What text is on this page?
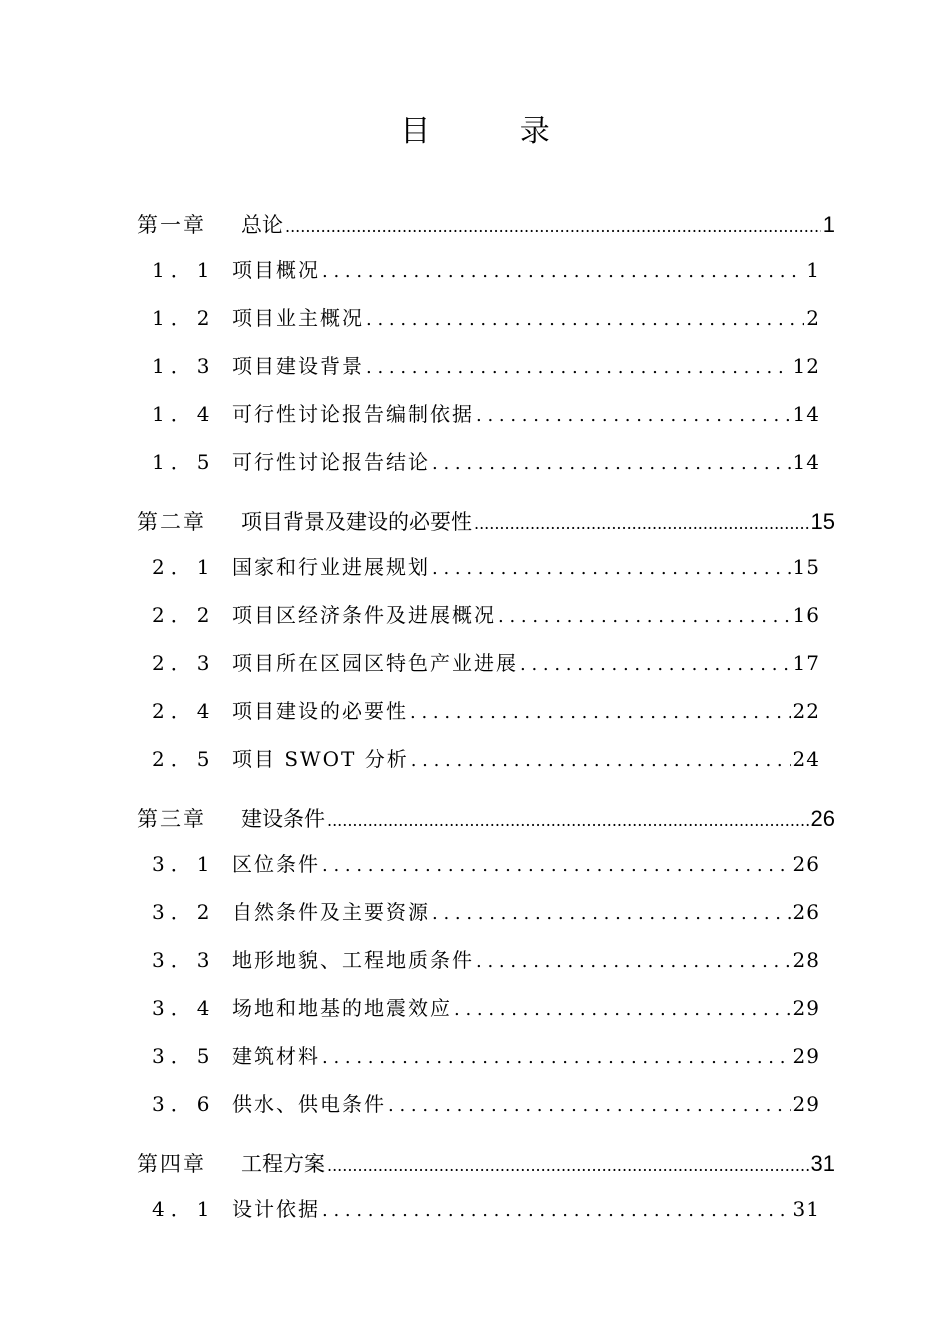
目 录
第一章	总论 .....	1
1．1 项目概况 . . .	1
1．2 项目业主概况 . . .	2
1．3 项目建设背景 . . .	12
1．4 可行性讨论报告编制依据 . . .	14
1．5 可行性讨论报告结论 . . .	14
第二章	项目背景及建设的必要性 .....	15
2．1 国家和行业进展规划 . . .	15
2．2 项目区经济条件及进展概况 . . .	16
2．3 项目所在区园区特色产业进展 . . .	17
2．4 项目建设的必要性 . . .	22
2．5 项目 SWOT 分析 . . .	24
第三章	建设条件 .....	26
3．1 区位条件 . . .	26
3．2 自然条件及主要资源 . . .	26
3．3 地形地貌、工程地质条件 . . .	28
3．4 场地和地基的地震效应 . . .	29
3．5 建筑材料 . . .	29
3．6 供水、供电条件 . . .	29
第四章	工程方案 .....	31
4．1 设计依据 . . .	31
